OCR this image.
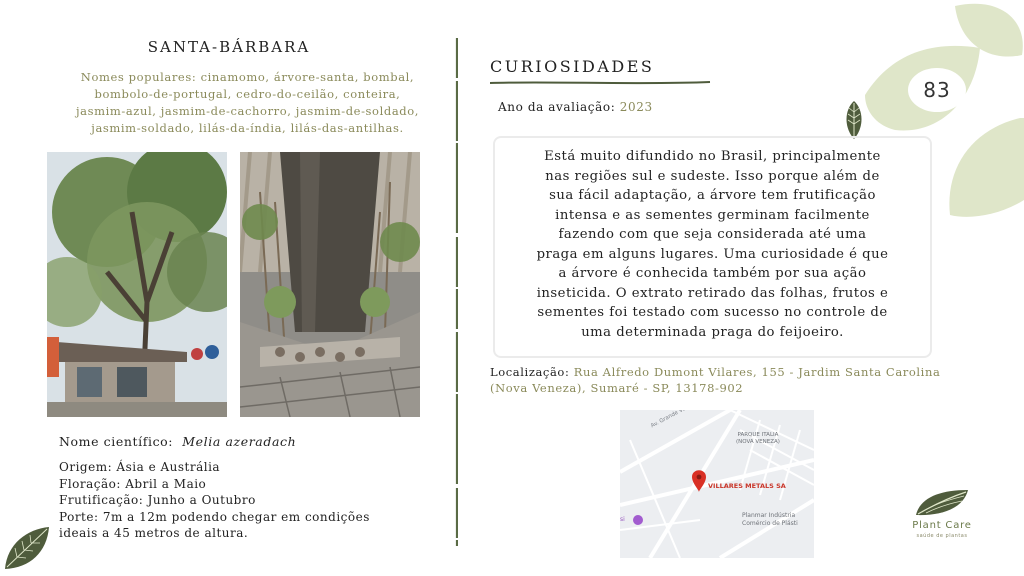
SANTA-BÁRBARA
Nomes populares: cinamomo, árvore-santa, bombal,
bombolo-de-portugal, cedro-do-ceilão, conteira,
jasmim-azul, jasmim-de-cachorro, jasmim-de-soldado,
jasmim-soldado, lilás-da-índia, lilás-das-antilhas.
Nome científico: Melia azeradach
Origem: Ásia e Austrália
Floração: Abril a Maio
Frutificação: Junho a Outubro
Porte: 7m a 12m podendo chegar em condições
ideais a 45 metros de altura.
CURIOSIDADES
Ano da avaliação: 2023
Está muito difundido no Brasil, principalmente
nas regiões sul e sudeste. Isso porque além de
sua fácil adaptação, a árvore tem frutificação
intensa e as sementes germinam facilmente
fazendo com que seja considerada até uma
praga em alguns lugares. Uma curiosidade é que
a árvore é conhecida também por sua ação
inseticida. O extrato retirado das folhas, frutos e
sementes foi testado com sucesso no controle de
uma determinada praga do feijoeiro.
Localização: Rua Alfredo Dumont Vilares, 155 - Jardim Santa Carolina
(Nova Veneza), Sumaré - SP, 13178-902
PARQUE ITALIA
(NOVA VENEZA)
VILLARES METALS SA
Planmar Indústria
Comércio de Plásti
si
83
Plant Care
saúde de plantas
